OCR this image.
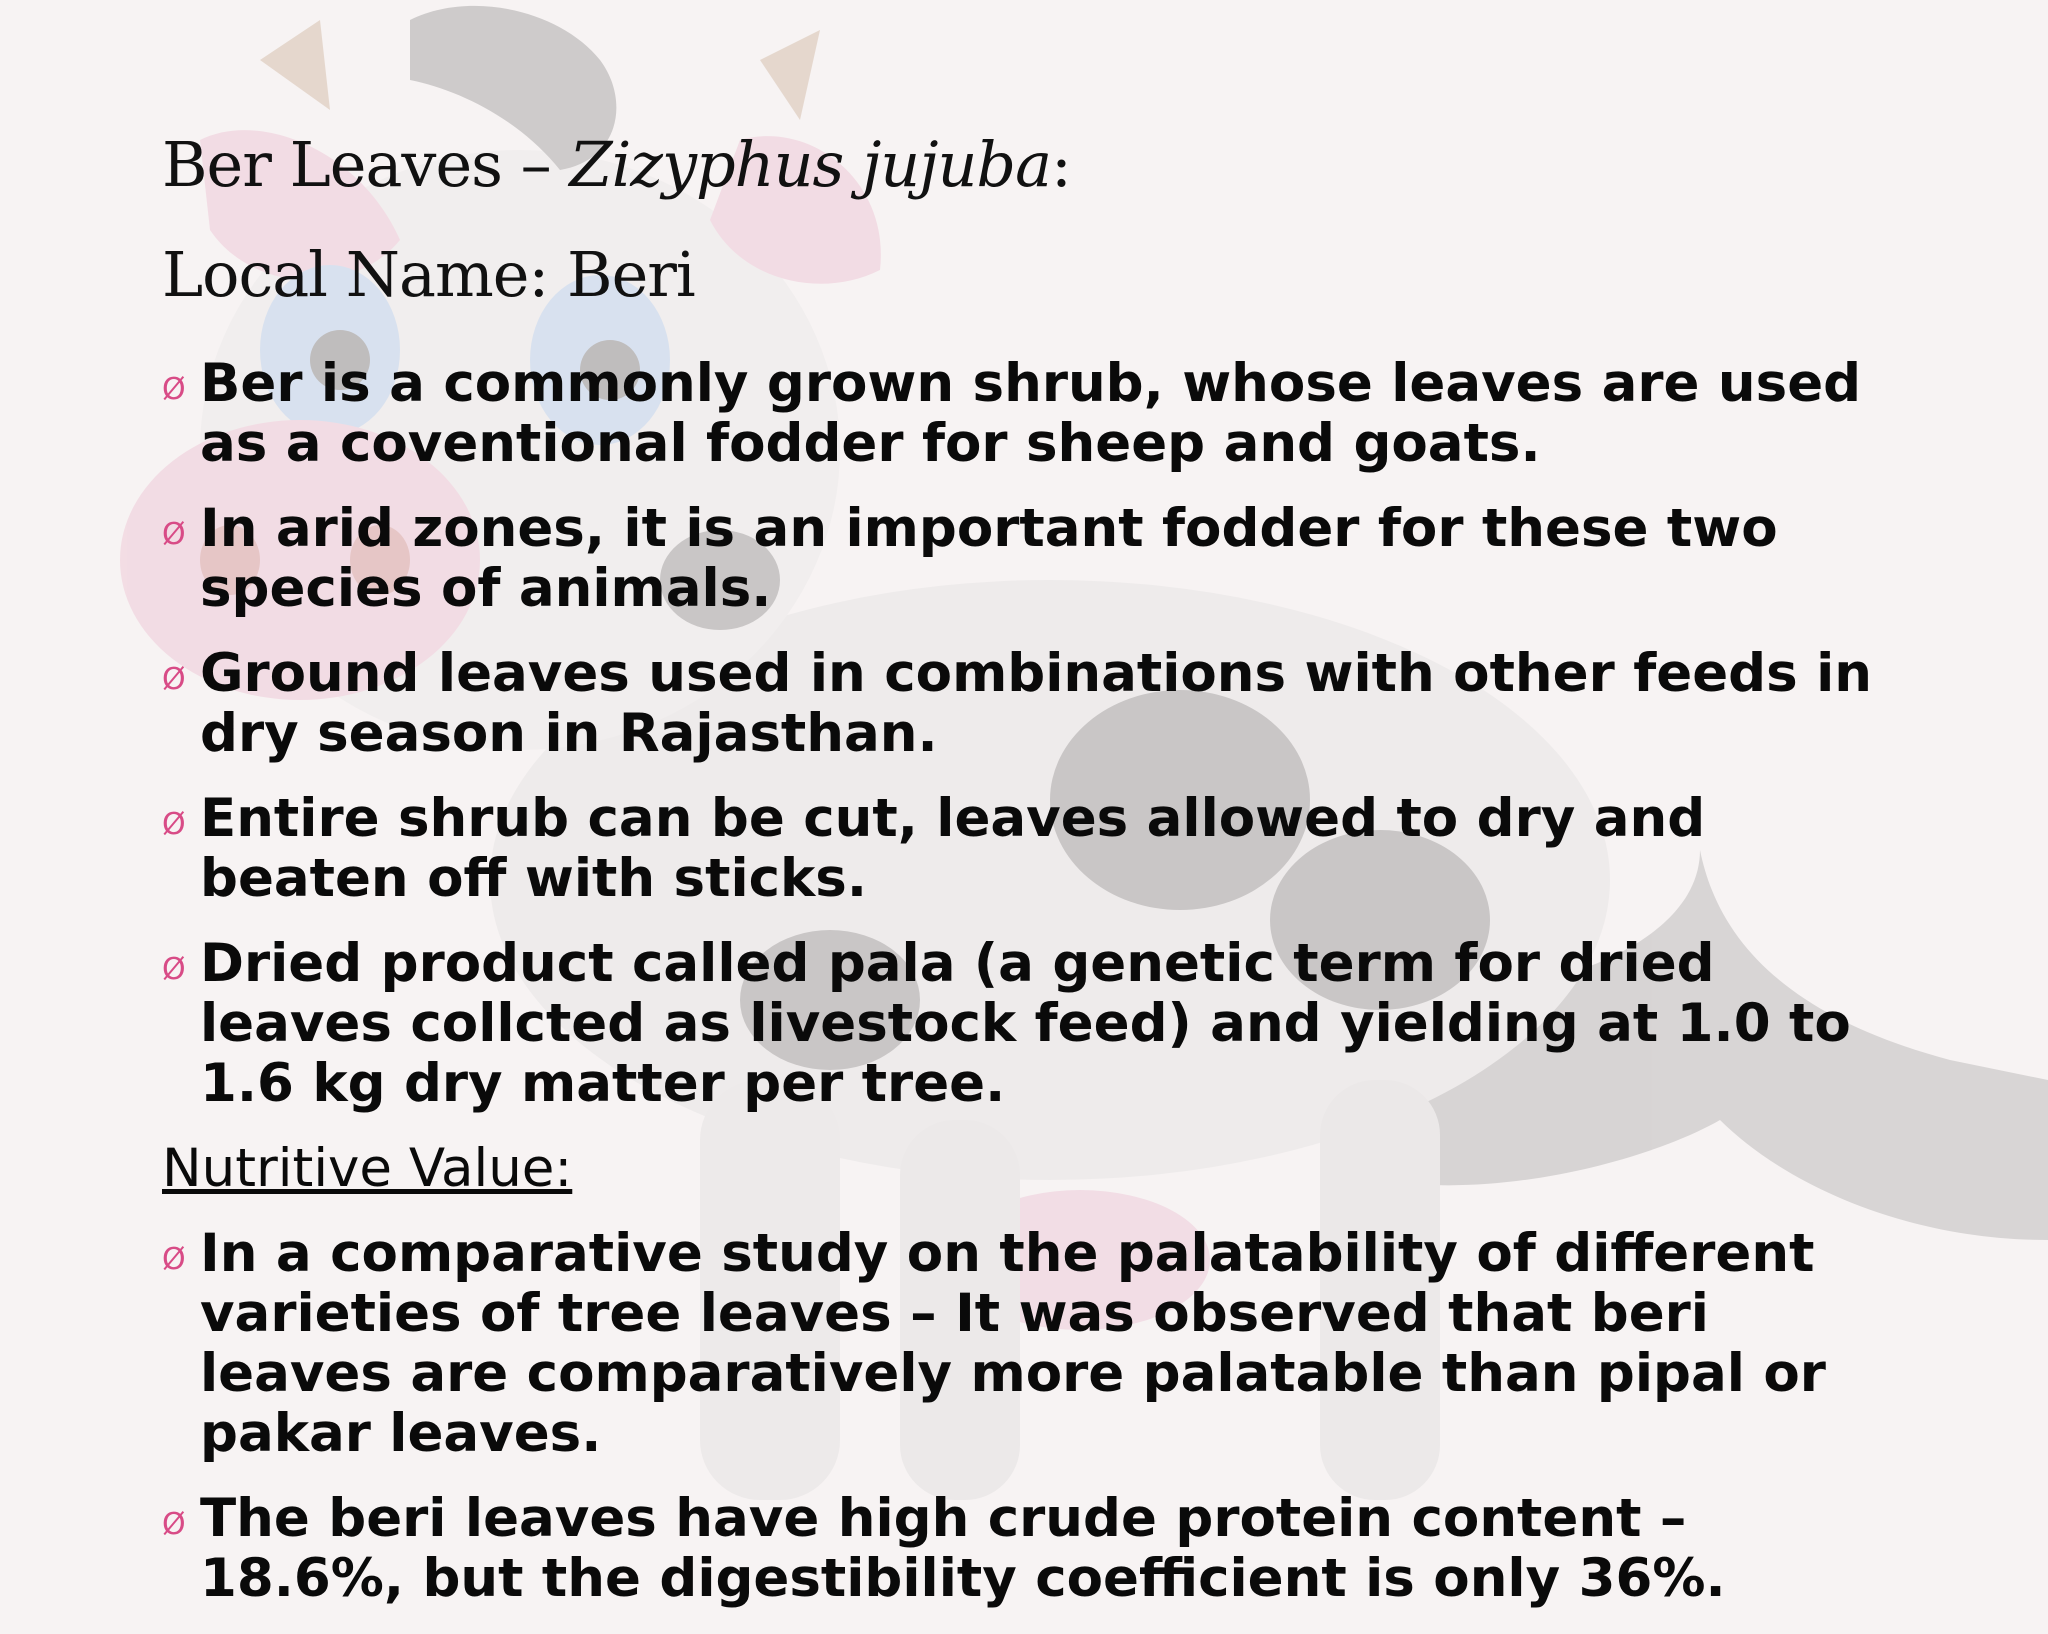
Ber Leaves – Zizyphus jujuba:
Local Name: Beri
Ø Ber is a commonly grown shrub, whose leaves are used as a coventional fodder for sheep and goats.
Ø In arid zones, it is an important fodder for these two species of animals.
Ø Ground leaves used in combinations with other feeds in dry season in Rajasthan.
Ø Entire shrub can be cut, leaves allowed to dry and beaten off with sticks.
Ø Dried product called pala (a genetic term for dried leaves collcted as livestock feed) and yielding at 1.0 to 1.6 kg dry matter per tree.
Nutritive Value:
Ø In a comparative study on the palatability of different varieties of tree leaves – It was observed that beri leaves are comparatively more palatable than pipal or pakar leaves.
Ø The beri leaves have high crude protein content – 18.6%, but the digestibility coefficient is only 36%.
